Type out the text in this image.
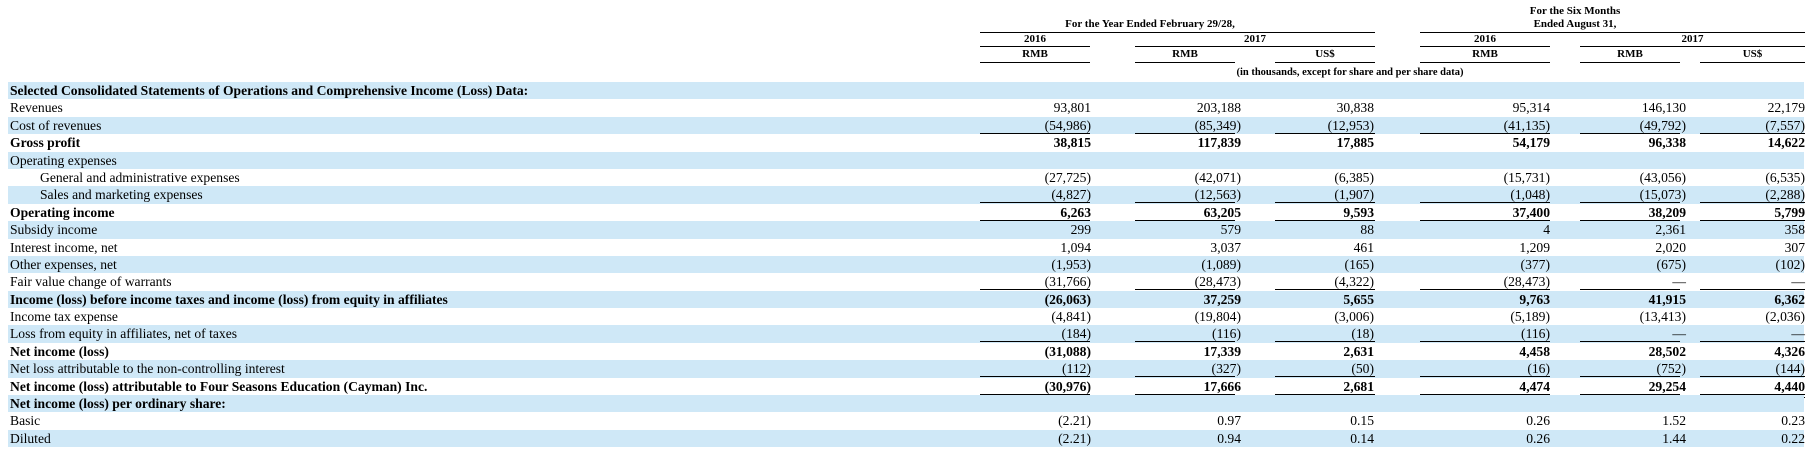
For the Six Months
Ended August 31,
For the Year Ended February 29/28,
2016	2017	2016	2017
RMB	RMB	US$	RMB	RMB	US$
(in thousands, except for share and per share data)
Selected Consolidated Statements of Operations and Comprehensive Income (Loss) Data:
Revenues	93,801	203,188	30,838	95,314	146,130	22,179
Cost of revenues	(54,986)	(85,349)	(12,953)	(41,135)	(49,792)	(7,557)
Gross profit	38,815	117,839	17,885	54,179	96,338	14,622
Operating expenses
General and administrative expenses	(27,725)	(42,071)	(6,385)	(15,731)	(43,056)	(6,535)
Sales and marketing expenses	(4,827)	(12,563)	(1,907)	(1,048)	(15,073)	(2,288)
Operating income	6,263	63,205	9,593	37,400	38,209	5,799
Subsidy income	299	579	88	4	2,361	358
Interest income, net	1,094	3,037	461	1,209	2,020	307
Other expenses, net	(1,953)	(1,089)	(165)	(377)	(675)	(102)
Fair value change of warrants	(31,766)	(28,473)	(4,322)	(28,473)	—	—
Income (loss) before income taxes and income (loss) from equity in affiliates	(26,063)	37,259	5,655	9,763	41,915	6,362
Income tax expense	(4,841)	(19,804)	(3,006)	(5,189)	(13,413)	(2,036)
Loss from equity in affiliates, net of taxes	(184)	(116)	(18)	(116)	—	—
Net income (loss)	(31,088)	17,339	2,631	4,458	28,502	4,326
Net loss attributable to the non-controlling interest	(112)	(327)	(50)	(16)	(752)	(144)
Net income (loss) attributable to Four Seasons Education (Cayman) Inc.	(30,976)	17,666	2,681	4,474	29,254	4,440
Net income (loss) per ordinary share:
Basic	(2.21)	0.97	0.15	0.26	1.52	0.23
Diluted	(2.21)	0.94	0.14	0.26	1.44	0.22
